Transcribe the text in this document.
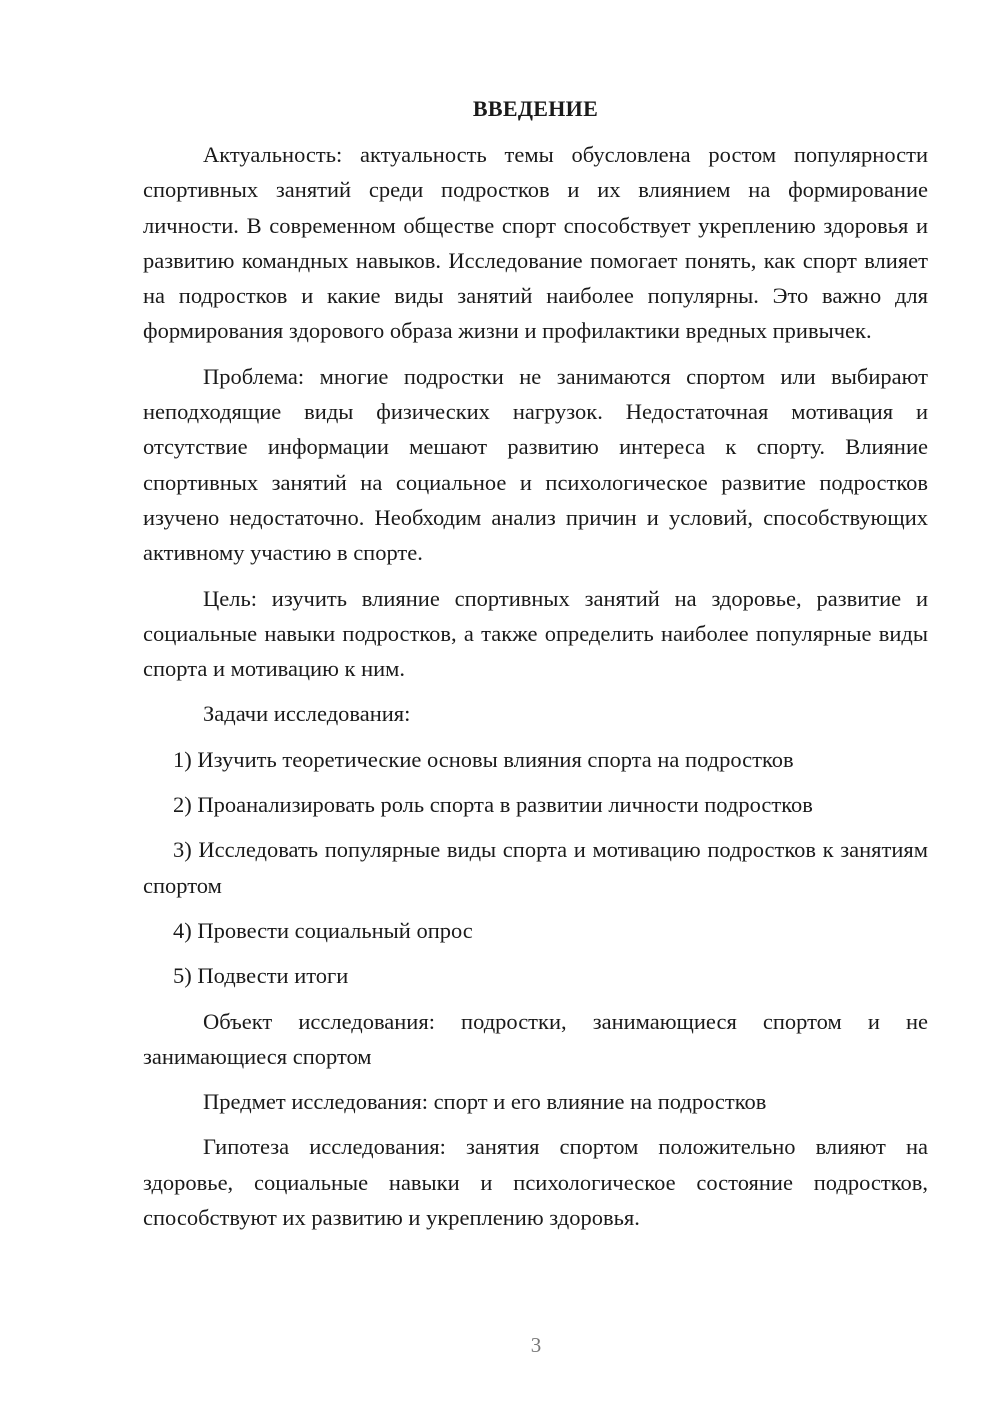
ВВЕДЕНИЕ

Актуальность: актуальность темы обусловлена ростом популярности спортивных занятий среди подростков и их влиянием на формирование личности. В современном обществе спорт способствует укреплению здоровья и развитию командных навыков. Исследование помогает понять, как спорт влияет на подростков и какие виды занятий наиболее популярны. Это важно для формирования здорового образа жизни и профилактики вредных привычек.

Проблема: многие подростки не занимаются спортом или выбирают неподходящие виды физических нагрузок. Недостаточная мотивация и отсутствие информации мешают развитию интереса к спорту. Влияние спортивных занятий на социальное и психологическое развитие подростков изучено недостаточно. Необходим анализ причин и условий, способствующих активному участию в спорте.

Цель: изучить влияние спортивных занятий на здоровье, развитие и социальные навыки подростков, а также определить наиболее популярные виды спорта и мотивацию к ним.

Задачи исследования:

1) Изучить теоретические основы влияния спорта на подростков

2) Проанализировать роль спорта в развитии личности подростков

3) Исследовать популярные виды спорта и мотивацию подростков к занятиям спортом

4) Провести социальный опрос

5) Подвести итоги

Объект исследования: подростки, занимающиеся спортом и не занимающиеся спортом

Предмет исследования: спорт и его влияние на подростков

Гипотеза исследования: занятия спортом положительно влияют на здоровье, социальные навыки и психологическое состояние подростков, способствуют их развитию и укреплению здоровья.

3
